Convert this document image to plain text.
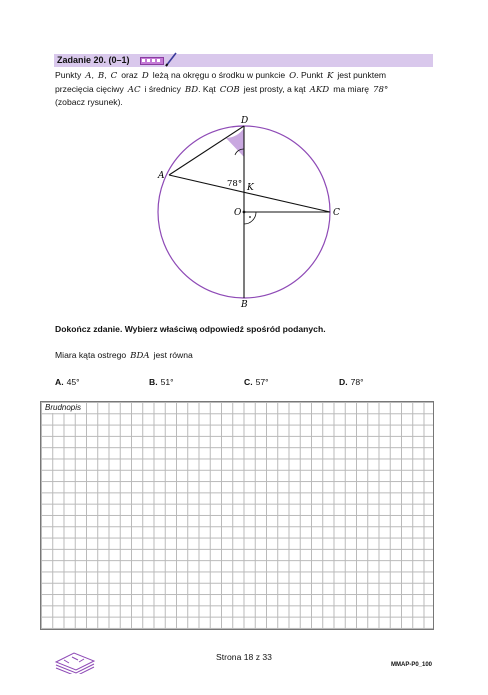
Zadanie 20. (0–1)
Punkty A, B, C oraz D leżą na okręgu o środku w punkcie O. Punkt K jest punktem
przecięcia cięciwy AC i średnicy BD. Kąt COB jest prosty, a kąt AKD ma miarę 78°
(zobacz rysunek).
D
A
C
B
O
K
78°
Dokończ zdanie. Wybierz właściwą odpowiedź spośród podanych.
Miara kąta ostrego BDA jest równa
A. 45°	B. 51°	C. 57°	D. 78°
Brudnopis
Strona 18 z 33
MMAP-P0_100
